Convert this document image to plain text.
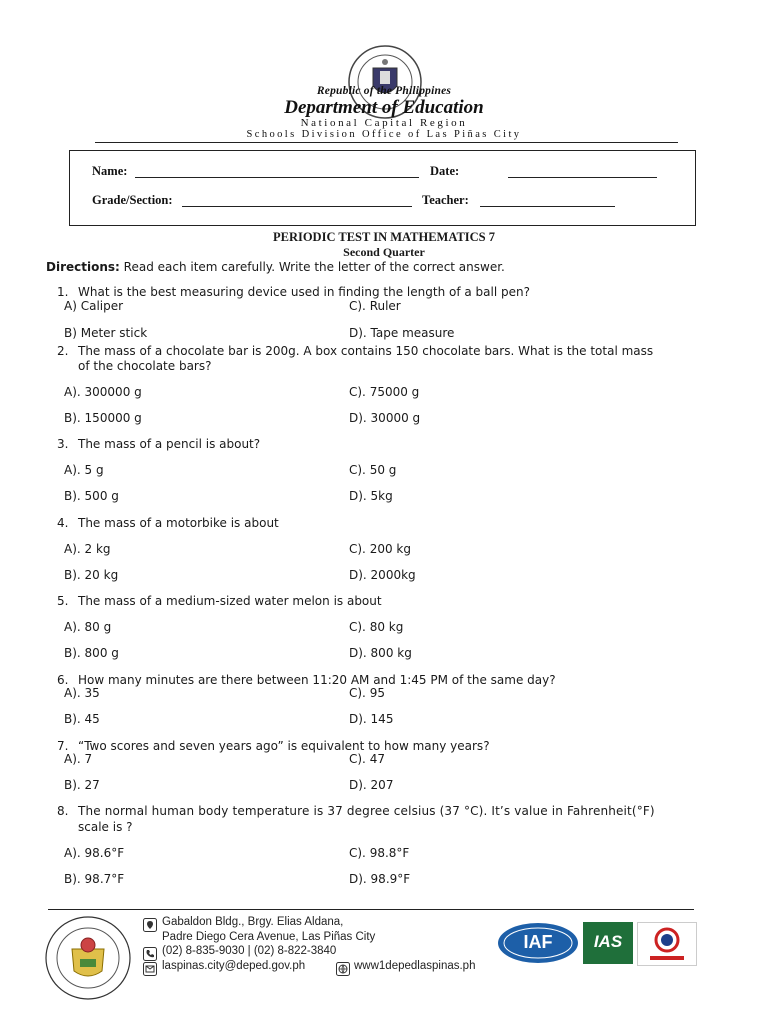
Republic of the Philippines
Department of Education
National Capital Region
Schools Division Office of Las Piñas City
Name:	Date:
Grade/Section:	Teacher:
PERIODIC TEST IN MATHEMATICS 7
Second Quarter
Directions: Read each item carefully. Write the letter of the correct answer.
1. What is the best measuring device used in finding the length of a ball pen?
A) Caliper	C). Ruler
B) Meter stick	D). Tape measure
2. The mass of a chocolate bar is 200g. A box contains 150 chocolate bars. What is the total mass
of the chocolate bars?
A). 300000 g	C). 75000 g
B). 150000 g	D). 30000 g
3. The mass of a pencil is about?
A). 5 g	C). 50 g
B). 500 g	D). 5kg
4. The mass of a motorbike is about
A). 2 kg	C). 200 kg
B). 20 kg	D). 2000kg
5. The mass of a medium-sized water melon is about
A). 80 g	C). 80 kg
B). 800 g	D). 800 kg
6. How many minutes are there between 11:20 AM and 1:45 PM of the same day?
A). 35	C). 95
B). 45	D). 145
7. “Two scores and seven years ago” is equivalent to how many years?
A). 7	C). 47
B). 27	D). 207
8. The normal human body temperature is 37 degree celsius (37 °C). It’s value in Fahrenheit(°F)
scale is ?
A). 98.6°F	C). 98.8°F
B). 98.7°F	D). 98.9°F
Gabaldon Bldg., Brgy. Elias Aldana,
Padre Diego Cera Avenue, Las Piñas City
(02) 8-835-9030 | (02) 8-822-3840
laspinas.city@deped.gov.ph	www1depedlaspinas.ph
IAF	IAS
